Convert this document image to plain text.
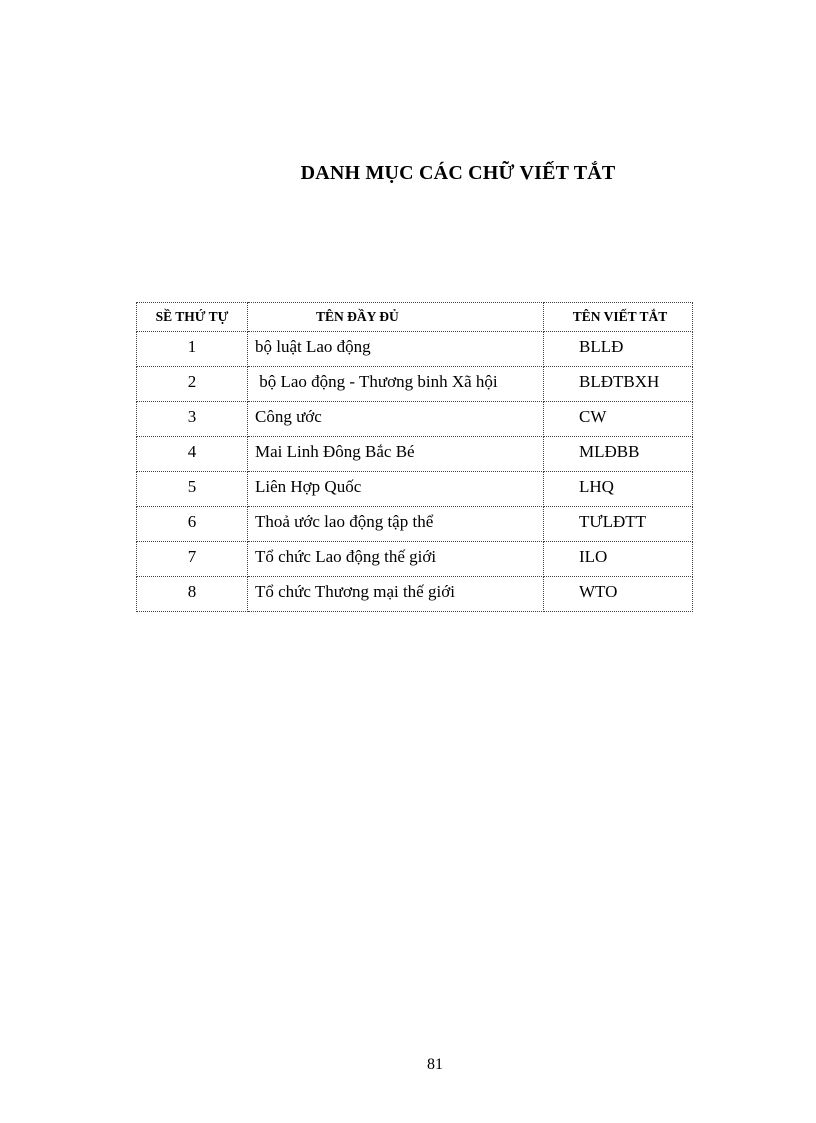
DANH MỤC CÁC CHỮ VIẾT TẮT
SỀ THỨ TỰ	TÊN ĐẦY ĐỦ	TÊN VIẾT TẮT
1	bộ luật Lao động	BLLĐ
2	bộ Lao động - Thương binh Xã hội	BLĐTBXH
3	Công ước	CW
4	Mai Linh Đông Bắc Bé	MLĐBB
5	Liên Hợp Quốc	LHQ
6	Thoả ước lao động tập thể	TƯLĐTT
7	Tổ chức Lao động thế giới	ILO
8	Tổ chức Thương mại thế giới	WTO
81
